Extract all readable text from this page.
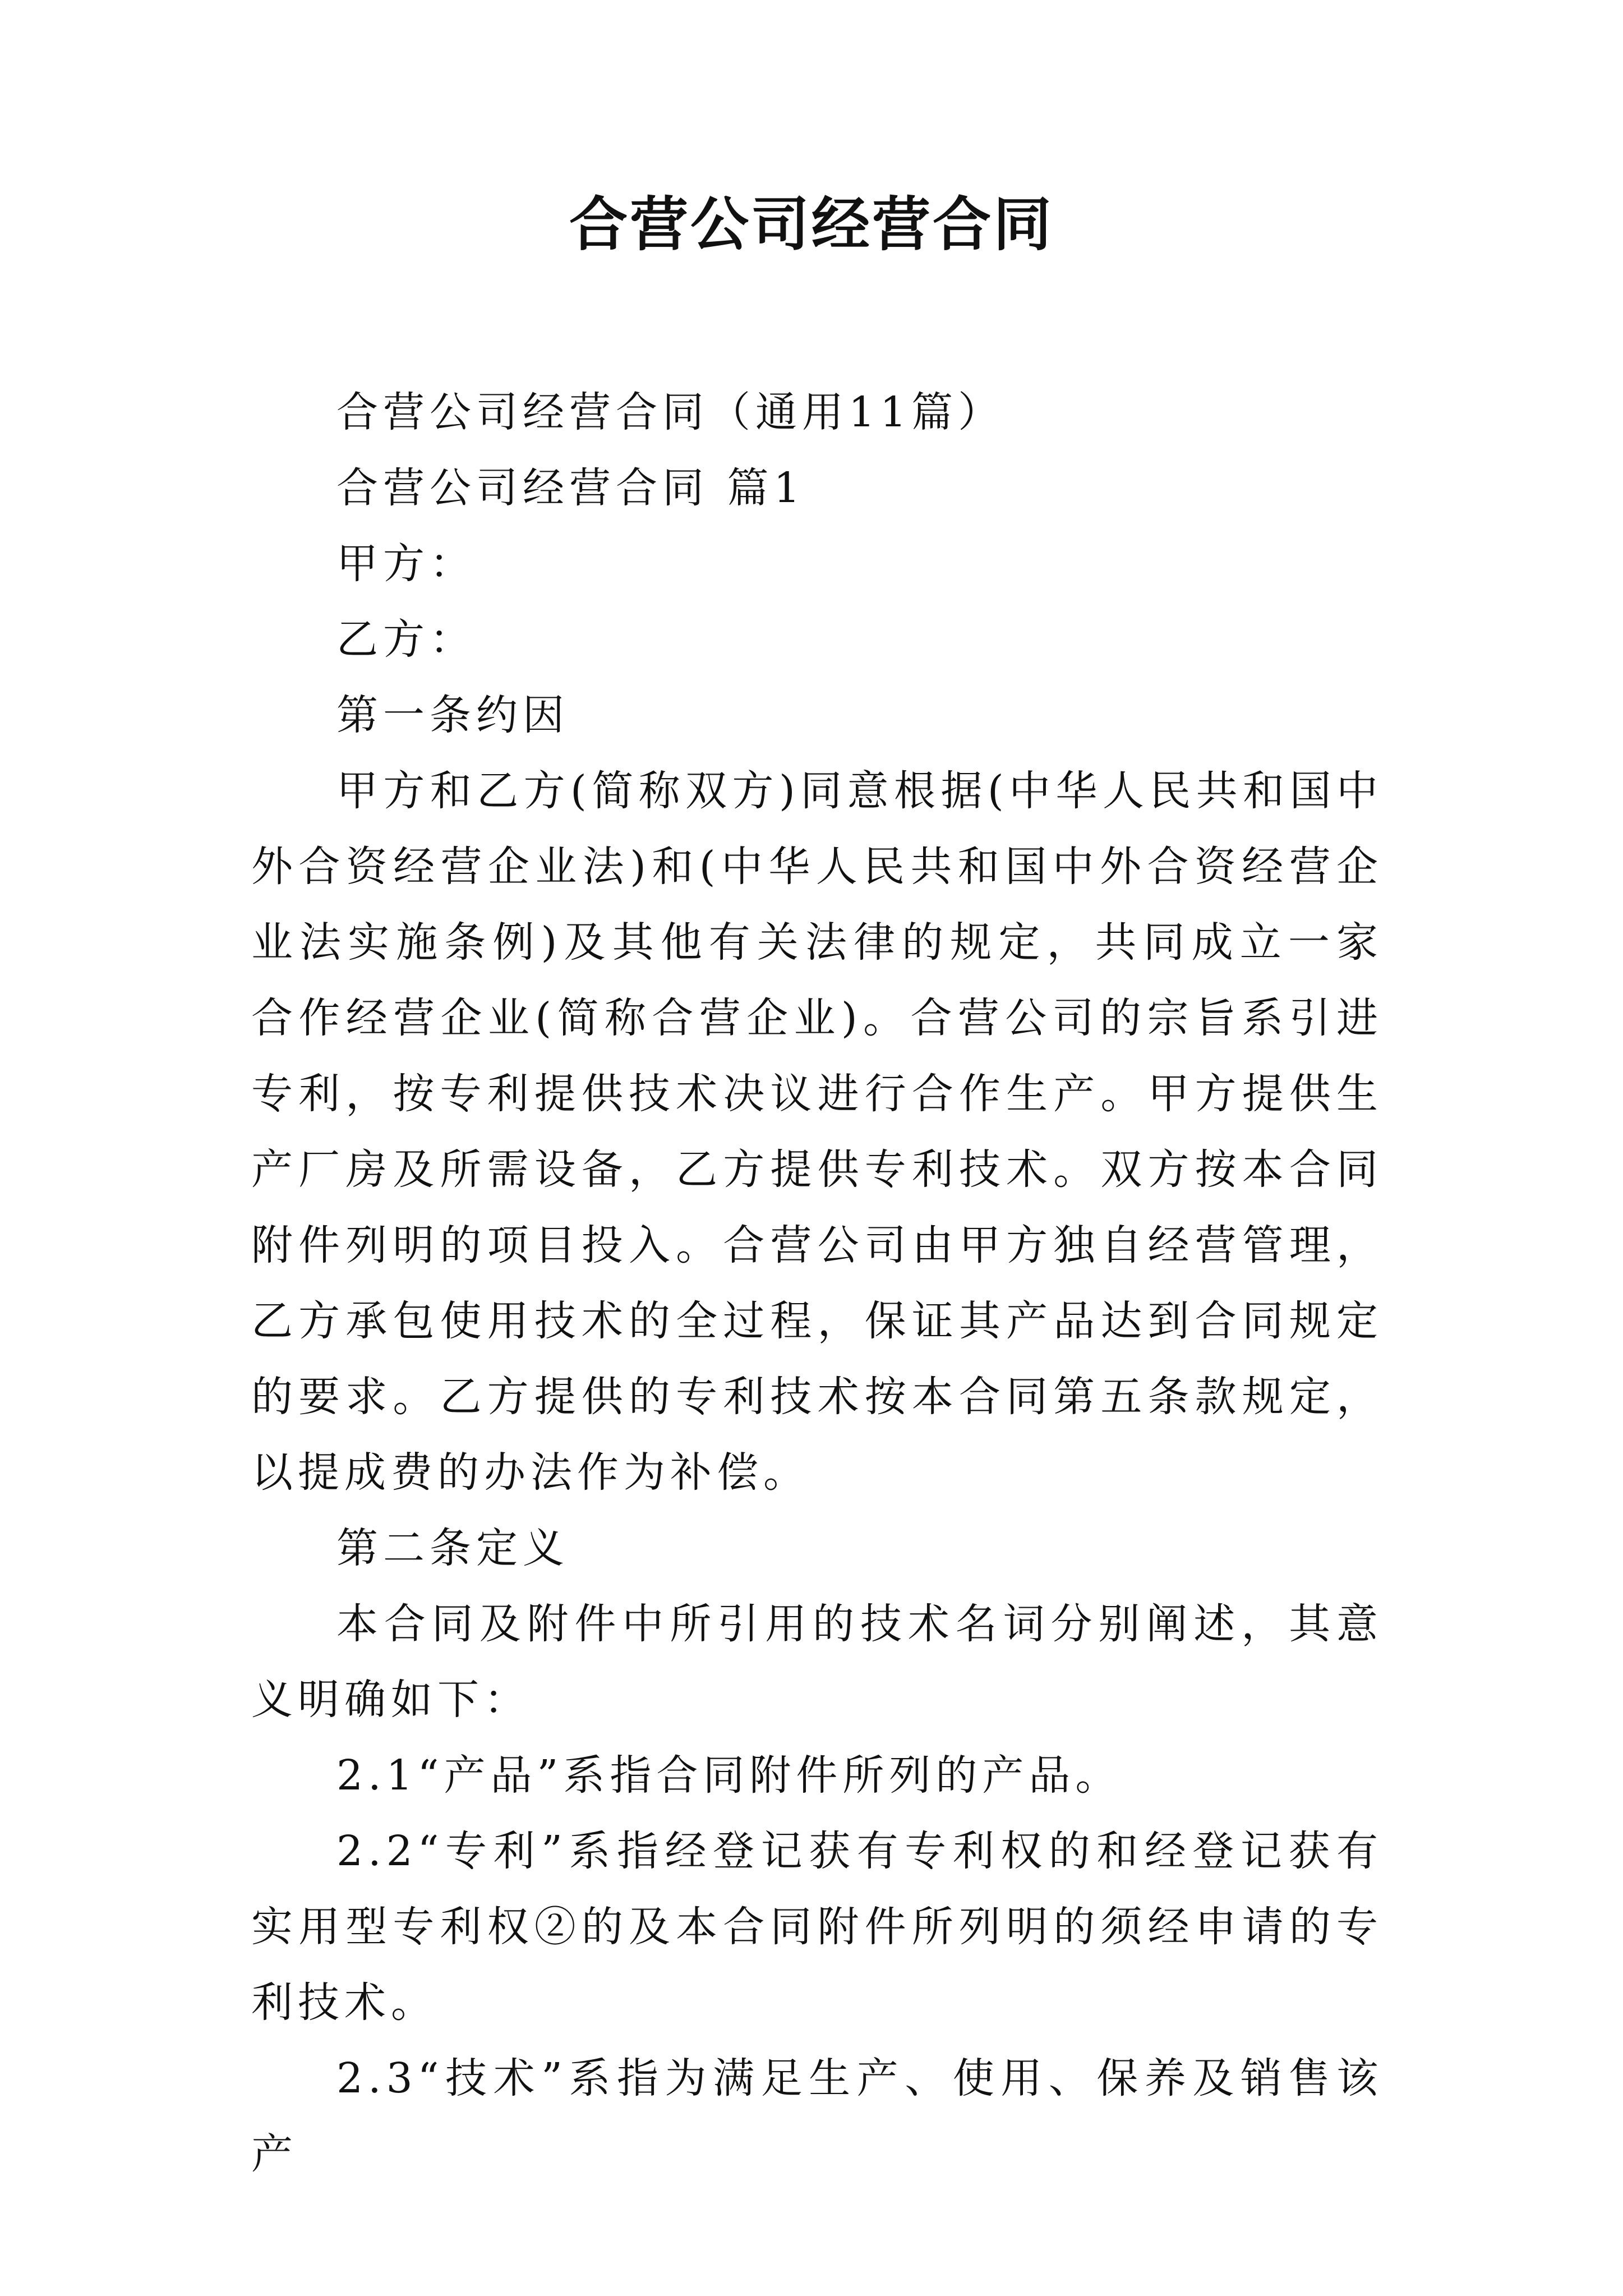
合营公司经营合同

合营公司经营合同（通用11篇）

合营公司经营合同 篇1

甲方：

乙方：

第一条约因

甲方和乙方(简称双方)同意根据(中华人民共和国中外合资经营企业法)和(中华人民共和国中外合资经营企业法实施条例)及其他有关法律的规定，共同成立一家合作经营企业(简称合营企业)。合营公司的宗旨系引进专利，按专利提供技术决议进行合作生产。甲方提供生产厂房及所需设备，乙方提供专利技术。双方按本合同附件列明的项目投入。合营公司由甲方独自经营管理，乙方承包使用技术的全过程，保证其产品达到合同规定的要求。乙方提供的专利技术按本合同第五条款规定，以提成费的办法作为补偿。

第二条定义

本合同及附件中所引用的技术名词分别阐述，其意义明确如下：

2.1“产品”系指合同附件所列的产品。

2.2“专利”系指经登记获有专利权的和经登记获有实用型专利权②的及本合同附件所列明的须经申请的专利技术。

2.3“技术”系指为满足生产、使用、保养及销售该产
